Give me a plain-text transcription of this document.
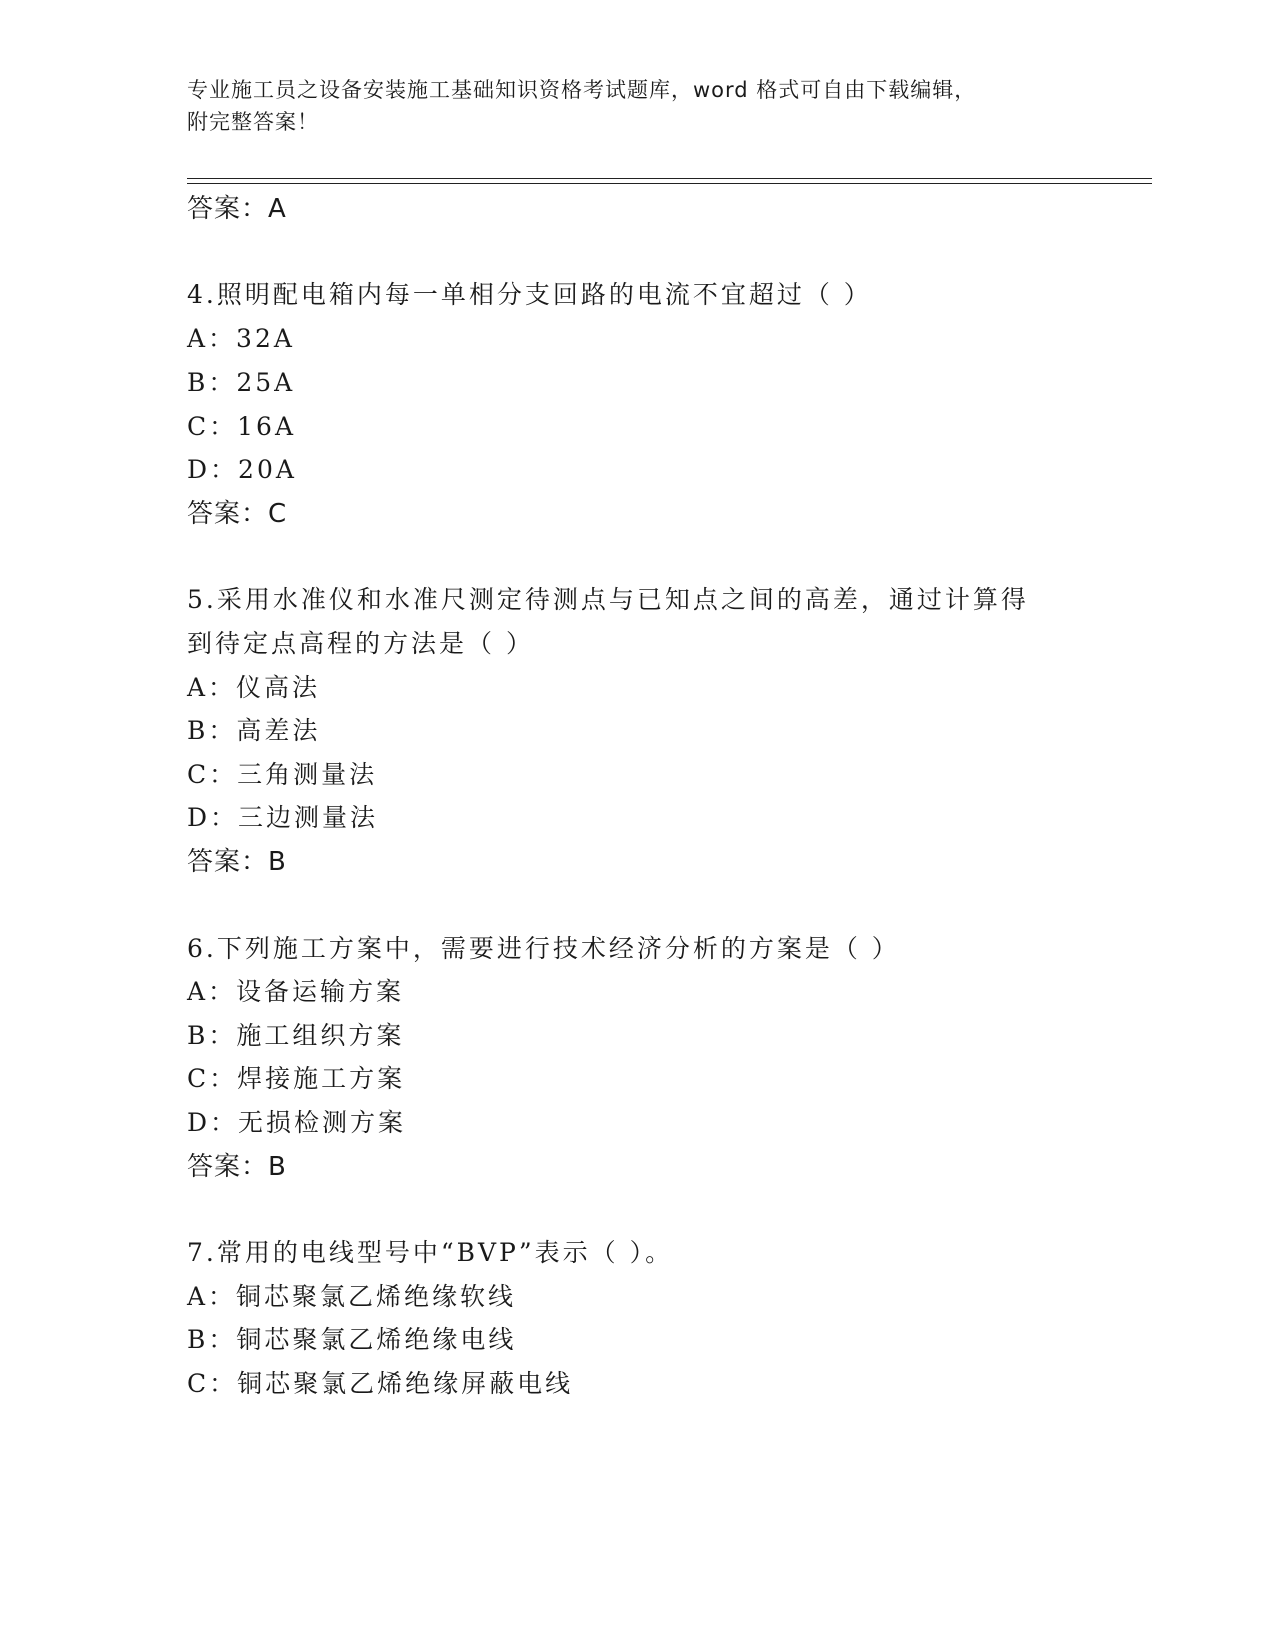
专业施工员之设备安装施工基础知识资格考试题库，word 格式可自由下载编辑，
附完整答案！
答案：A
4.照明配电箱内每一单相分支回路的电流不宜超过（ ）
A：32A
B：25A
C：16A
D：20A
答案：C
5.采用水准仪和水准尺测定待测点与已知点之间的高差，通过计算得
到待定点高程的方法是（ ）
A：仪高法
B：高差法
C：三角测量法
D：三边测量法
答案：B
6.下列施工方案中，需要进行技术经济分析的方案是（ ）
A：设备运输方案
B：施工组织方案
C：焊接施工方案
D：无损检测方案
答案：B
7.常用的电线型号中“BVP”表示（ ）。
A：铜芯聚氯乙烯绝缘软线
B：铜芯聚氯乙烯绝缘电线
C：铜芯聚氯乙烯绝缘屏蔽电线
